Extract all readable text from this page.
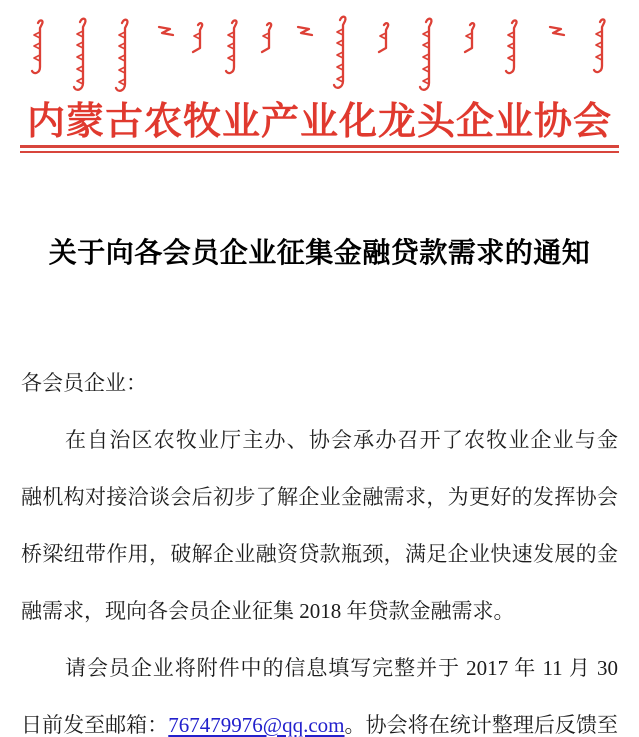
内蒙古农牧业产业化龙头企业协会
关于向各会员企业征集金融贷款需求的通知
各会员企业：
在自治区农牧业厅主办、协会承办召开了农牧业企业与金
融机构对接洽谈会后初步了解企业金融需求，为更好的发挥协会
桥梁纽带作用，破解企业融资贷款瓶颈，满足企业快速发展的金
融需求，现向各会员企业征集 2018 年贷款金融需求。
请会员企业将附件中的信息填写完整并于 2017 年 11 月 30
日前发至邮箱：767479976@qq.com。协会将在统计整理后反馈至
